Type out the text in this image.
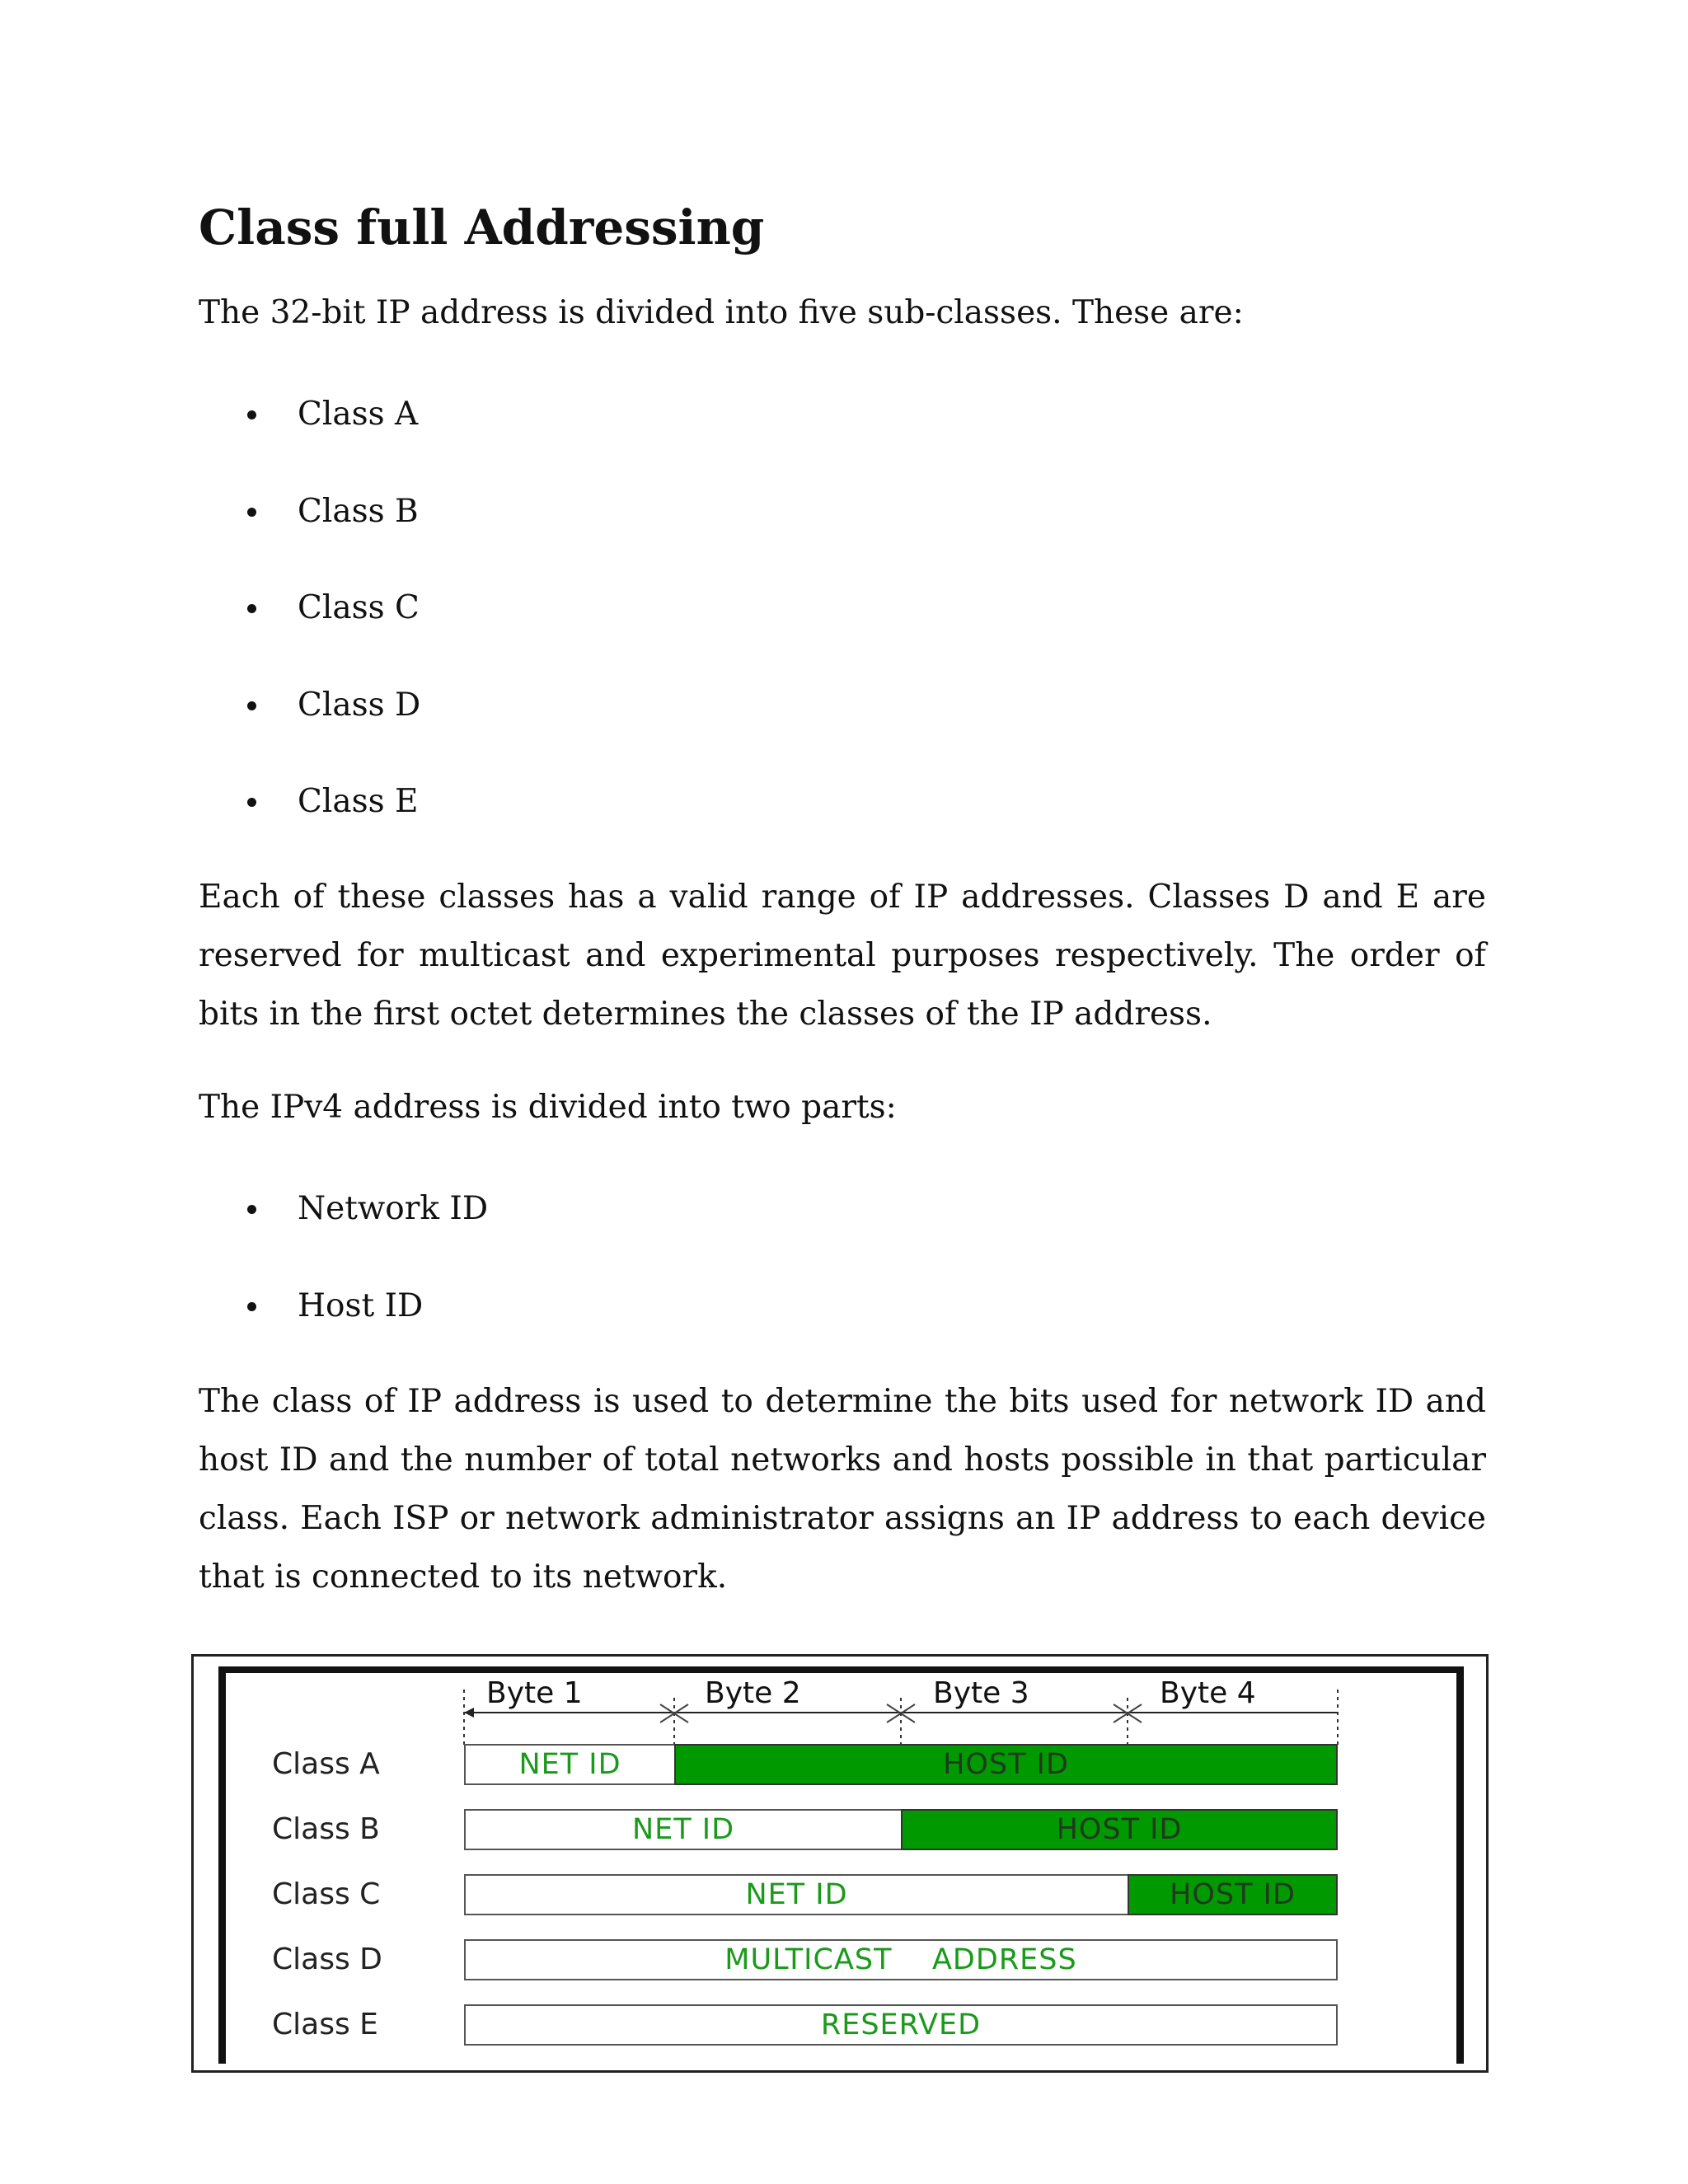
Class full Addressing

The 32-bit IP address is divided into five sub-classes. These are:

Class A
Class B
Class C
Class D
Class E

Each of these classes has a valid range of IP addresses. Classes D and E are reserved for multicast and experimental purposes respectively. The order of bits in the first octet determines the classes of the IP address.

The IPv4 address is divided into two parts:

Network ID
Host ID

The class of IP address is used to determine the bits used for network ID and host ID and the number of total networks and hosts possible in that particular class. Each ISP or network administrator assigns an IP address to each device that is connected to its network.

Byte 1	Byte 2	Byte 3	Byte 4
Class A	NET ID	HOST ID
Class B	NET ID	HOST ID
Class C	NET ID	HOST ID
Class D	MULTICAST    ADDRESS
Class E	RESERVED
